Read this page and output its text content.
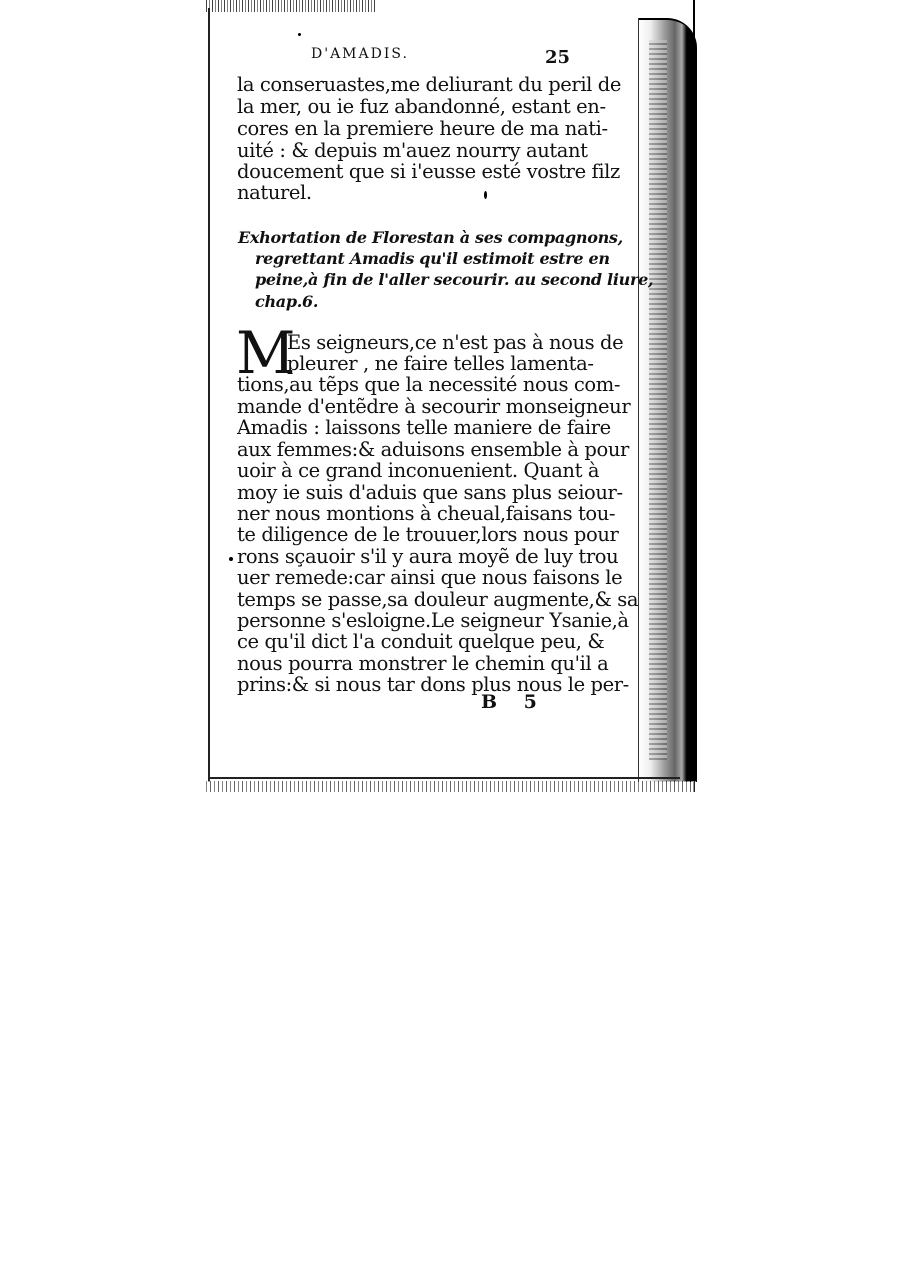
D'AMADIS.	25
la conseruastes,me deliurant du peril de
la mer, ou ie fuz abandonné, estant en-
cores en la premiere heure de ma nati-
uité : & depuis m'auez nourry autant
doucement que si i'eusse esté vostre filz
naturel.
Exhortation de Florestan à ses compagnons,
regrettant Amadis qu'il estimoit estre en
peine,à fin de l'aller secourir. au second liure,
chap.6.
M
Es seigneurs,ce n'est pas à nous de
pleurer , ne faire telles lamenta-
tions,au tẽps que la necessité nous com-
mande d'entẽdre à secourir monseigneur
Amadis : laissons telle maniere de faire
aux femmes:& aduisons ensemble à pour
uoir à ce grand inconuenient. Quant à
moy ie suis d'aduis que sans plus seiour-
ner nous montions à cheual,faisans tou-
te diligence de le trouuer,lors nous pour
rons sçauoir s'il y aura moyẽ de luy trou
uer remede:car ainsi que nous faisons le
temps se passe,sa douleur augmente,& sa
personne s'esloigne.Le seigneur Ysanie,à
ce qu'il dict l'a conduit quelque peu, &
nous pourra monstrer le chemin qu'il a
prins:& si nous tar dons plus nous le per-
B 5
